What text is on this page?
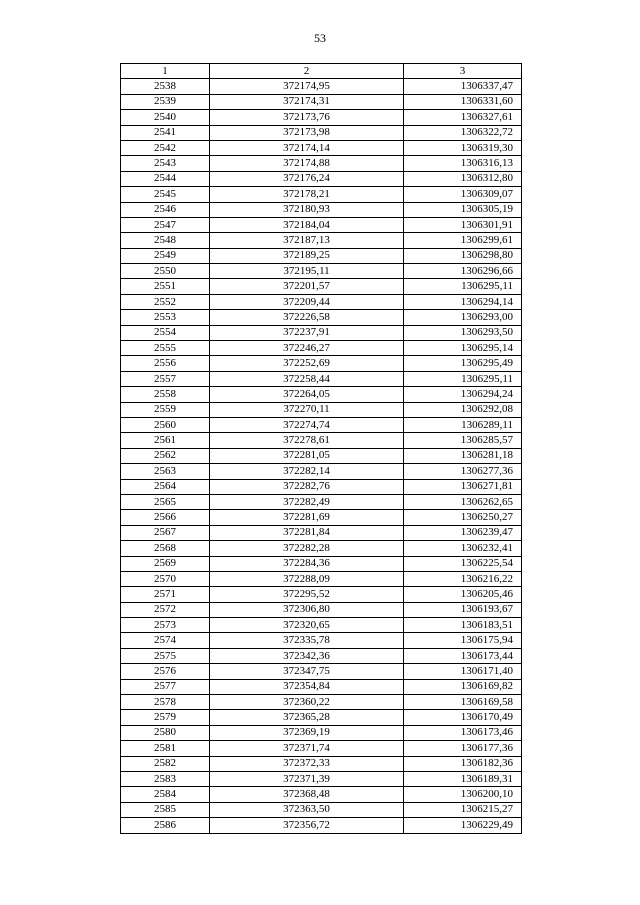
53
1	2	3
2538	372174,95	1306337,47
2539	372174,31	1306331,60
2540	372173,76	1306327,61
2541	372173,98	1306322,72
2542	372174,14	1306319,30
2543	372174,88	1306316,13
2544	372176,24	1306312,80
2545	372178,21	1306309,07
2546	372180,93	1306305,19
2547	372184,04	1306301,91
2548	372187,13	1306299,61
2549	372189,25	1306298,80
2550	372195,11	1306296,66
2551	372201,57	1306295,11
2552	372209,44	1306294,14
2553	372226,58	1306293,00
2554	372237,91	1306293,50
2555	372246,27	1306295,14
2556	372252,69	1306295,49
2557	372258,44	1306295,11
2558	372264,05	1306294,24
2559	372270,11	1306292,08
2560	372274,74	1306289,11
2561	372278,61	1306285,57
2562	372281,05	1306281,18
2563	372282,14	1306277,36
2564	372282,76	1306271,81
2565	372282,49	1306262,65
2566	372281,69	1306250,27
2567	372281,84	1306239,47
2568	372282,28	1306232,41
2569	372284,36	1306225,54
2570	372288,09	1306216,22
2571	372295,52	1306205,46
2572	372306,80	1306193,67
2573	372320,65	1306183,51
2574	372335,78	1306175,94
2575	372342,36	1306173,44
2576	372347,75	1306171,40
2577	372354,84	1306169,82
2578	372360,22	1306169,58
2579	372365,28	1306170,49
2580	372369,19	1306173,46
2581	372371,74	1306177,36
2582	372372,33	1306182,36
2583	372371,39	1306189,31
2584	372368,48	1306200,10
2585	372363,50	1306215,27
2586	372356,72	1306229,49
